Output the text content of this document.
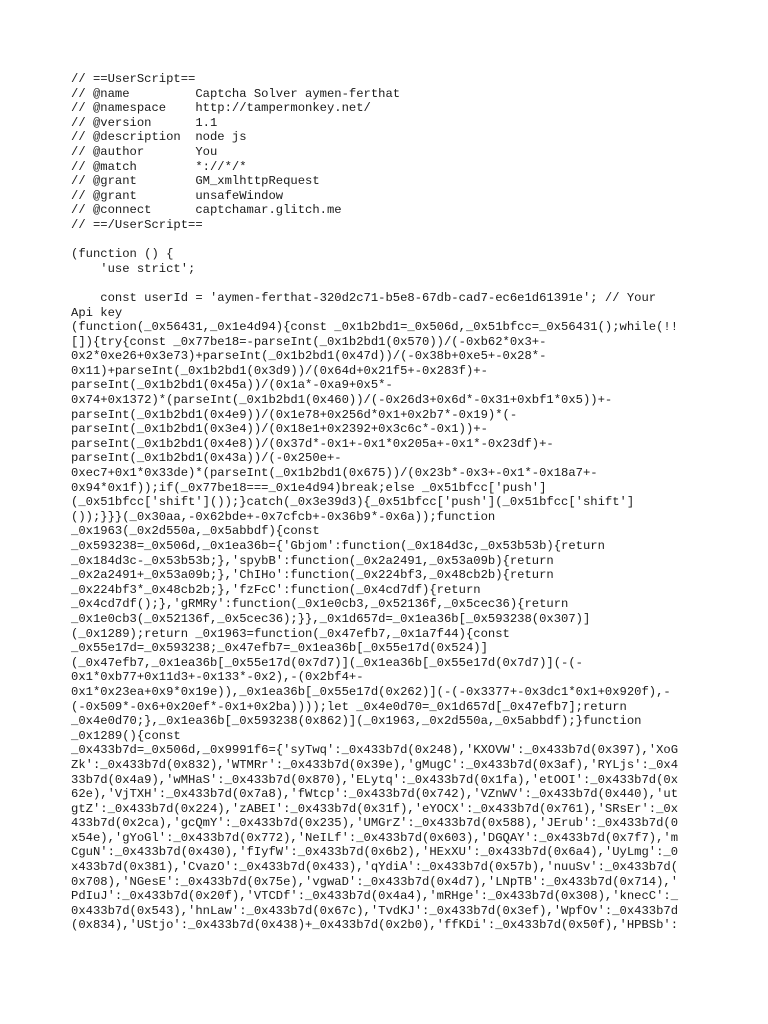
// ==UserScript==
// @name         Captcha Solver aymen-ferthat
// @namespace    http://tampermonkey.net/
// @version      1.1
// @description  node js
// @author       You
// @match        *://*/*
// @grant        GM_xmlhttpRequest
// @grant        unsafeWindow
// @connect      captchamar.glitch.me
// ==/UserScript==
(function () {
'use strict';
const userId = 'aymen-ferthat-320d2c71-b5e8-67db-cad7-ec6e1d61391e'; // Your
Api key
(function(_0x56431,_0x1e4d94){const _0x1b2bd1=_0x506d,_0x51bfcc=_0x56431();while(!!
[]){try{const _0x77be18=-parseInt(_0x1b2bd1(0x570))/(-0xb62*0x3+-
0x2*0xe26+0x3e73)+parseInt(_0x1b2bd1(0x47d))/(-0x38b+0xe5+-0x28*-
0x11)+parseInt(_0x1b2bd1(0x3d9))/(0x64d+0x21f5+-0x283f)+-
parseInt(_0x1b2bd1(0x45a))/(0x1a*-0xa9+0x5*-
0x74+0x1372)*(parseInt(_0x1b2bd1(0x460))/(-0x26d3+0x6d*-0x31+0xbf1*0x5))+-
parseInt(_0x1b2bd1(0x4e9))/(0x1e78+0x256d*0x1+0x2b7*-0x19)*(-
parseInt(_0x1b2bd1(0x3e4))/(0x18e1+0x2392+0x3c6c*-0x1))+-
parseInt(_0x1b2bd1(0x4e8))/(0x37d*-0x1+-0x1*0x205a+-0x1*-0x23df)+-
parseInt(_0x1b2bd1(0x43a))/(-0x250e+-
0xec7+0x1*0x33de)*(parseInt(_0x1b2bd1(0x675))/(0x23b*-0x3+-0x1*-0x18a7+-
0x94*0x1f));if(_0x77be18===_0x1e4d94)break;else _0x51bfcc['push']
(_0x51bfcc['shift']());}catch(_0x3e39d3){_0x51bfcc['push'](_0x51bfcc['shift']
());}}}(_0x30aa,-0x62bde+-0x7cfcb+-0x36b9*-0x6a));function
_0x1963(_0x2d550a,_0x5abbdf){const
_0x593238=_0x506d,_0x1ea36b={'Gbjom':function(_0x184d3c,_0x53b53b){return
_0x184d3c-_0x53b53b;},'spybB':function(_0x2a2491,_0x53a09b){return
_0x2a2491+_0x53a09b;},'ChIHo':function(_0x224bf3,_0x48cb2b){return
_0x224bf3*_0x48cb2b;},'fzFcC':function(_0x4cd7df){return
_0x4cd7df();},'gRMRy':function(_0x1e0cb3,_0x52136f,_0x5cec36){return
_0x1e0cb3(_0x52136f,_0x5cec36);}},_0x1d657d=_0x1ea36b[_0x593238(0x307)]
(_0x1289);return _0x1963=function(_0x47efb7,_0x1a7f44){const
_0x55e17d=_0x593238;_0x47efb7=_0x1ea36b[_0x55e17d(0x524)]
(_0x47efb7,_0x1ea36b[_0x55e17d(0x7d7)](_0x1ea36b[_0x55e17d(0x7d7)](-(-
0x1*0xb77+0x11d3+-0x133*-0x2),-(0x2bf4+-
0x1*0x23ea+0x9*0x19e)),_0x1ea36b[_0x55e17d(0x262)](-(-0x3377+-0x3dc1*0x1+0x920f),-
(-0x509*-0x6+0x20ef*-0x1+0x2ba))));let _0x4e0d70=_0x1d657d[_0x47efb7];return
_0x4e0d70;},_0x1ea36b[_0x593238(0x862)](_0x1963,_0x2d550a,_0x5abbdf);}function
_0x1289(){const
_0x433b7d=_0x506d,_0x9991f6={'syTwq':_0x433b7d(0x248),'KXOVW':_0x433b7d(0x397),'XoG
Zk':_0x433b7d(0x832),'WTMRr':_0x433b7d(0x39e),'gMugC':_0x433b7d(0x3af),'RYLjs':_0x4
33b7d(0x4a9),'wMHaS':_0x433b7d(0x870),'ELytq':_0x433b7d(0x1fa),'etOOI':_0x433b7d(0x
62e),'VjTXH':_0x433b7d(0x7a8),'fWtcp':_0x433b7d(0x742),'VZnWV':_0x433b7d(0x440),'ut
gtZ':_0x433b7d(0x224),'zABEI':_0x433b7d(0x31f),'eYOCX':_0x433b7d(0x761),'SRsEr':_0x
433b7d(0x2ca),'gcQmY':_0x433b7d(0x235),'UMGrZ':_0x433b7d(0x588),'JErub':_0x433b7d(0
x54e),'gYoGl':_0x433b7d(0x772),'NeILf':_0x433b7d(0x603),'DGQAY':_0x433b7d(0x7f7),'m
CguN':_0x433b7d(0x430),'fIyfW':_0x433b7d(0x6b2),'HExXU':_0x433b7d(0x6a4),'UyLmg':_0
x433b7d(0x381),'CvazO':_0x433b7d(0x433),'qYdiA':_0x433b7d(0x57b),'nuuSv':_0x433b7d(
0x708),'NGesE':_0x433b7d(0x75e),'vgwaD':_0x433b7d(0x4d7),'LNpTB':_0x433b7d(0x714),'
PdIuJ':_0x433b7d(0x20f),'VTCDf':_0x433b7d(0x4a4),'mRHge':_0x433b7d(0x308),'knecC':_
0x433b7d(0x543),'hnLaw':_0x433b7d(0x67c),'TvdKJ':_0x433b7d(0x3ef),'WpfOv':_0x433b7d
(0x834),'UStjo':_0x433b7d(0x438)+_0x433b7d(0x2b0),'ffKDi':_0x433b7d(0x50f),'HPBSb':
